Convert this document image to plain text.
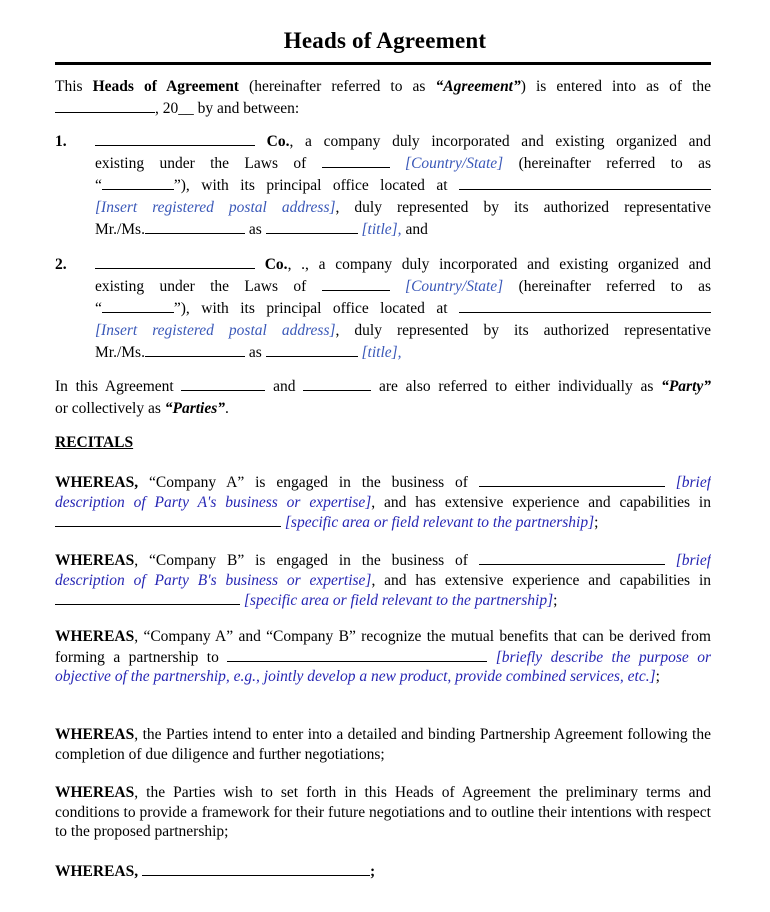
Heads of Agreement
This Heads of Agreement (hereinafter referred to as “Agreement”) is entered into as of the
, 20__ by and between:
1.	Co., a company duly incorporated and existing organized and
existing under the Laws of	[Country/State] (hereinafter referred to as
“	”), with its principal office located at
[Insert registered postal address], duly represented by its authorized representative
Mr./Ms.	as	[title], and
2.	Co., ., a company duly incorporated and existing organized and
existing under the Laws of	[Country/State] (hereinafter referred to as
“	”), with its principal office located at
[Insert registered postal address], duly represented by its authorized representative
Mr./Ms.	as	[title],
In this Agreement	and	are also referred to either individually as “Party”
or collectively as “Parties”.
RECITALS
WHEREAS, “Company A” is engaged in the business of	[brief
description of Party A's business or expertise], and has extensive experience and capabilities in
[specific area or field relevant to the partnership];
WHEREAS, “Company B” is engaged in the business of	[brief
description of Party B's business or expertise], and has extensive experience and capabilities in
[specific area or field relevant to the partnership];
WHEREAS, “Company A” and “Company B” recognize the mutual benefits that can be derived from forming a partnership to	[briefly describe the purpose or objective of the partnership, e.g., jointly develop a new product, provide combined services, etc.];
WHEREAS, the Parties intend to enter into a detailed and binding Partnership Agreement following the completion of due diligence and further negotiations;
WHEREAS, the Parties wish to set forth in this Heads of Agreement the preliminary terms and conditions to provide a framework for their future negotiations and to outline their intentions with respect to the proposed partnership;
WHEREAS,	;
